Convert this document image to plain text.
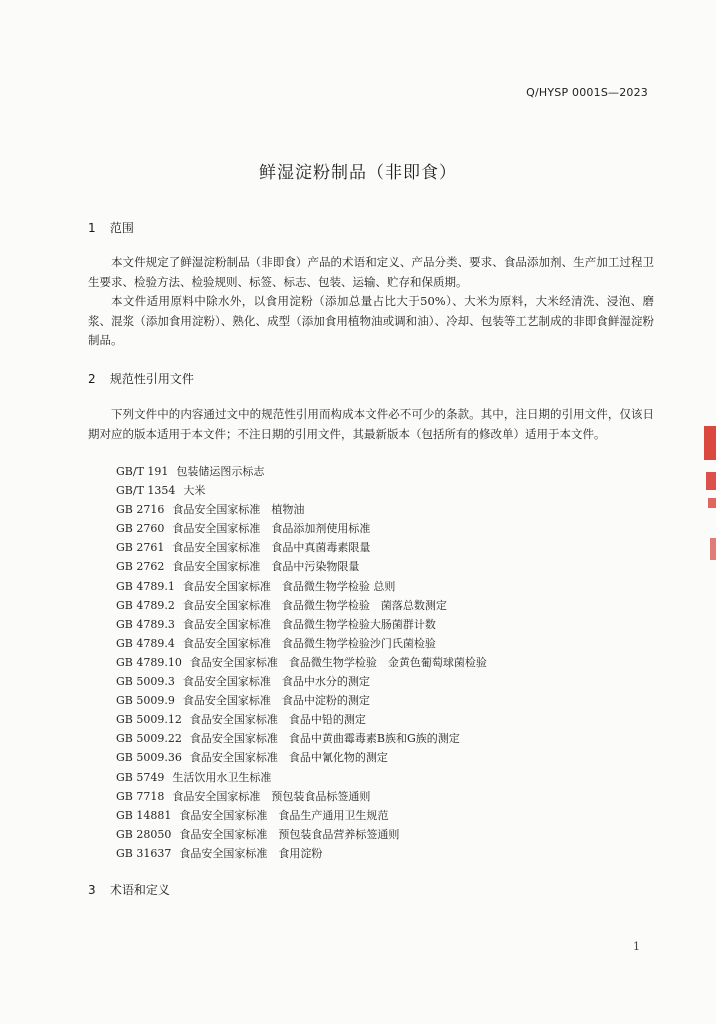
Q/HYSP 0001S—2023
鲜湿淀粉制品（非即食）
1 范围
本文件规定了鲜湿淀粉制品（非即食）产品的术语和定义、产品分类、要求、食品添加剂、生产加工过程卫生要求、检验方法、检验规则、标签、标志、包装、运输、贮存和保质期。
本文件适用原料中除水外，以食用淀粉（添加总量占比大于50%）、大米为原料，大米经清洗、浸泡、磨浆、混浆（添加食用淀粉）、熟化、成型（添加食用植物油或调和油）、冷却、包装等工艺制成的非即食鲜湿淀粉制品。
2 规范性引用文件
下列文件中的内容通过文中的规范性引用而构成本文件必不可少的条款。其中，注日期的引用文件，仅该日期对应的版本适用于本文件；不注日期的引用文件，其最新版本（包括所有的修改单）适用于本文件。
GB/T 191 包装储运图示标志
GB/T 1354 大米
GB 2716 食品安全国家标准　植物油
GB 2760 食品安全国家标准　食品添加剂使用标准
GB 2761 食品安全国家标准　食品中真菌毒素限量
GB 2762 食品安全国家标准　食品中污染物限量
GB 4789.1 食品安全国家标准　食品微生物学检验 总则
GB 4789.2 食品安全国家标准　食品微生物学检验　菌落总数测定
GB 4789.3 食品安全国家标准　食品微生物学检验大肠菌群计数
GB 4789.4 食品安全国家标准　食品微生物学检验沙门氏菌检验
GB 4789.10 食品安全国家标准　食品微生物学检验　金黄色葡萄球菌检验
GB 5009.3 食品安全国家标准　食品中水分的测定
GB 5009.9 食品安全国家标准　食品中淀粉的测定
GB 5009.12 食品安全国家标准　食品中铅的测定
GB 5009.22 食品安全国家标准　食品中黄曲霉毒素B族和G族的测定
GB 5009.36 食品安全国家标准　食品中氰化物的测定
GB 5749 生活饮用水卫生标准
GB 7718 食品安全国家标准　预包装食品标签通则
GB 14881 食品安全国家标准　食品生产通用卫生规范
GB 28050 食品安全国家标准　预包装食品营养标签通则
GB 31637 食品安全国家标准　食用淀粉
3 术语和定义
1
